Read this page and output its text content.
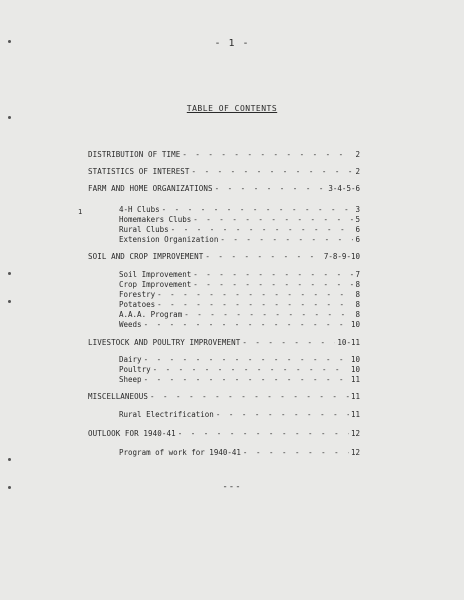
- 1 -
TABLE OF CONTENTS
1
DISTRIBUTION OF TIME	2
- - -
STATISTICS OF INTEREST	2
- - -
FARM AND HOME ORGANIZATIONS	3-4-5-6
- - -
4-H Clubs	3
- - -
Homemakers Clubs	5
- - -
Rural Clubs	6
- - -
Extension Organization	6
- - -
SOIL AND CROP IMPROVEMENT	7-8-9-10
- - -
Soil Improvement	7
- - -
Crop Improvement	8
- - -
Forestry	8
- - -
Potatoes	8
- - -
A.A.A. Program	8
- - -
Weeds	10
- - -
LIVESTOCK AND POULTRY IMPROVEMENT	10-11
- - -
Dairy	10
- - -
Poultry	10
- - -
Sheep	11
- - -
MISCELLANEOUS	11
- - -
Rural Electrification	11
- - -
OUTLOOK FOR 1940-41	12
- - -
Program of work for 1940-41	12
- - -
---
